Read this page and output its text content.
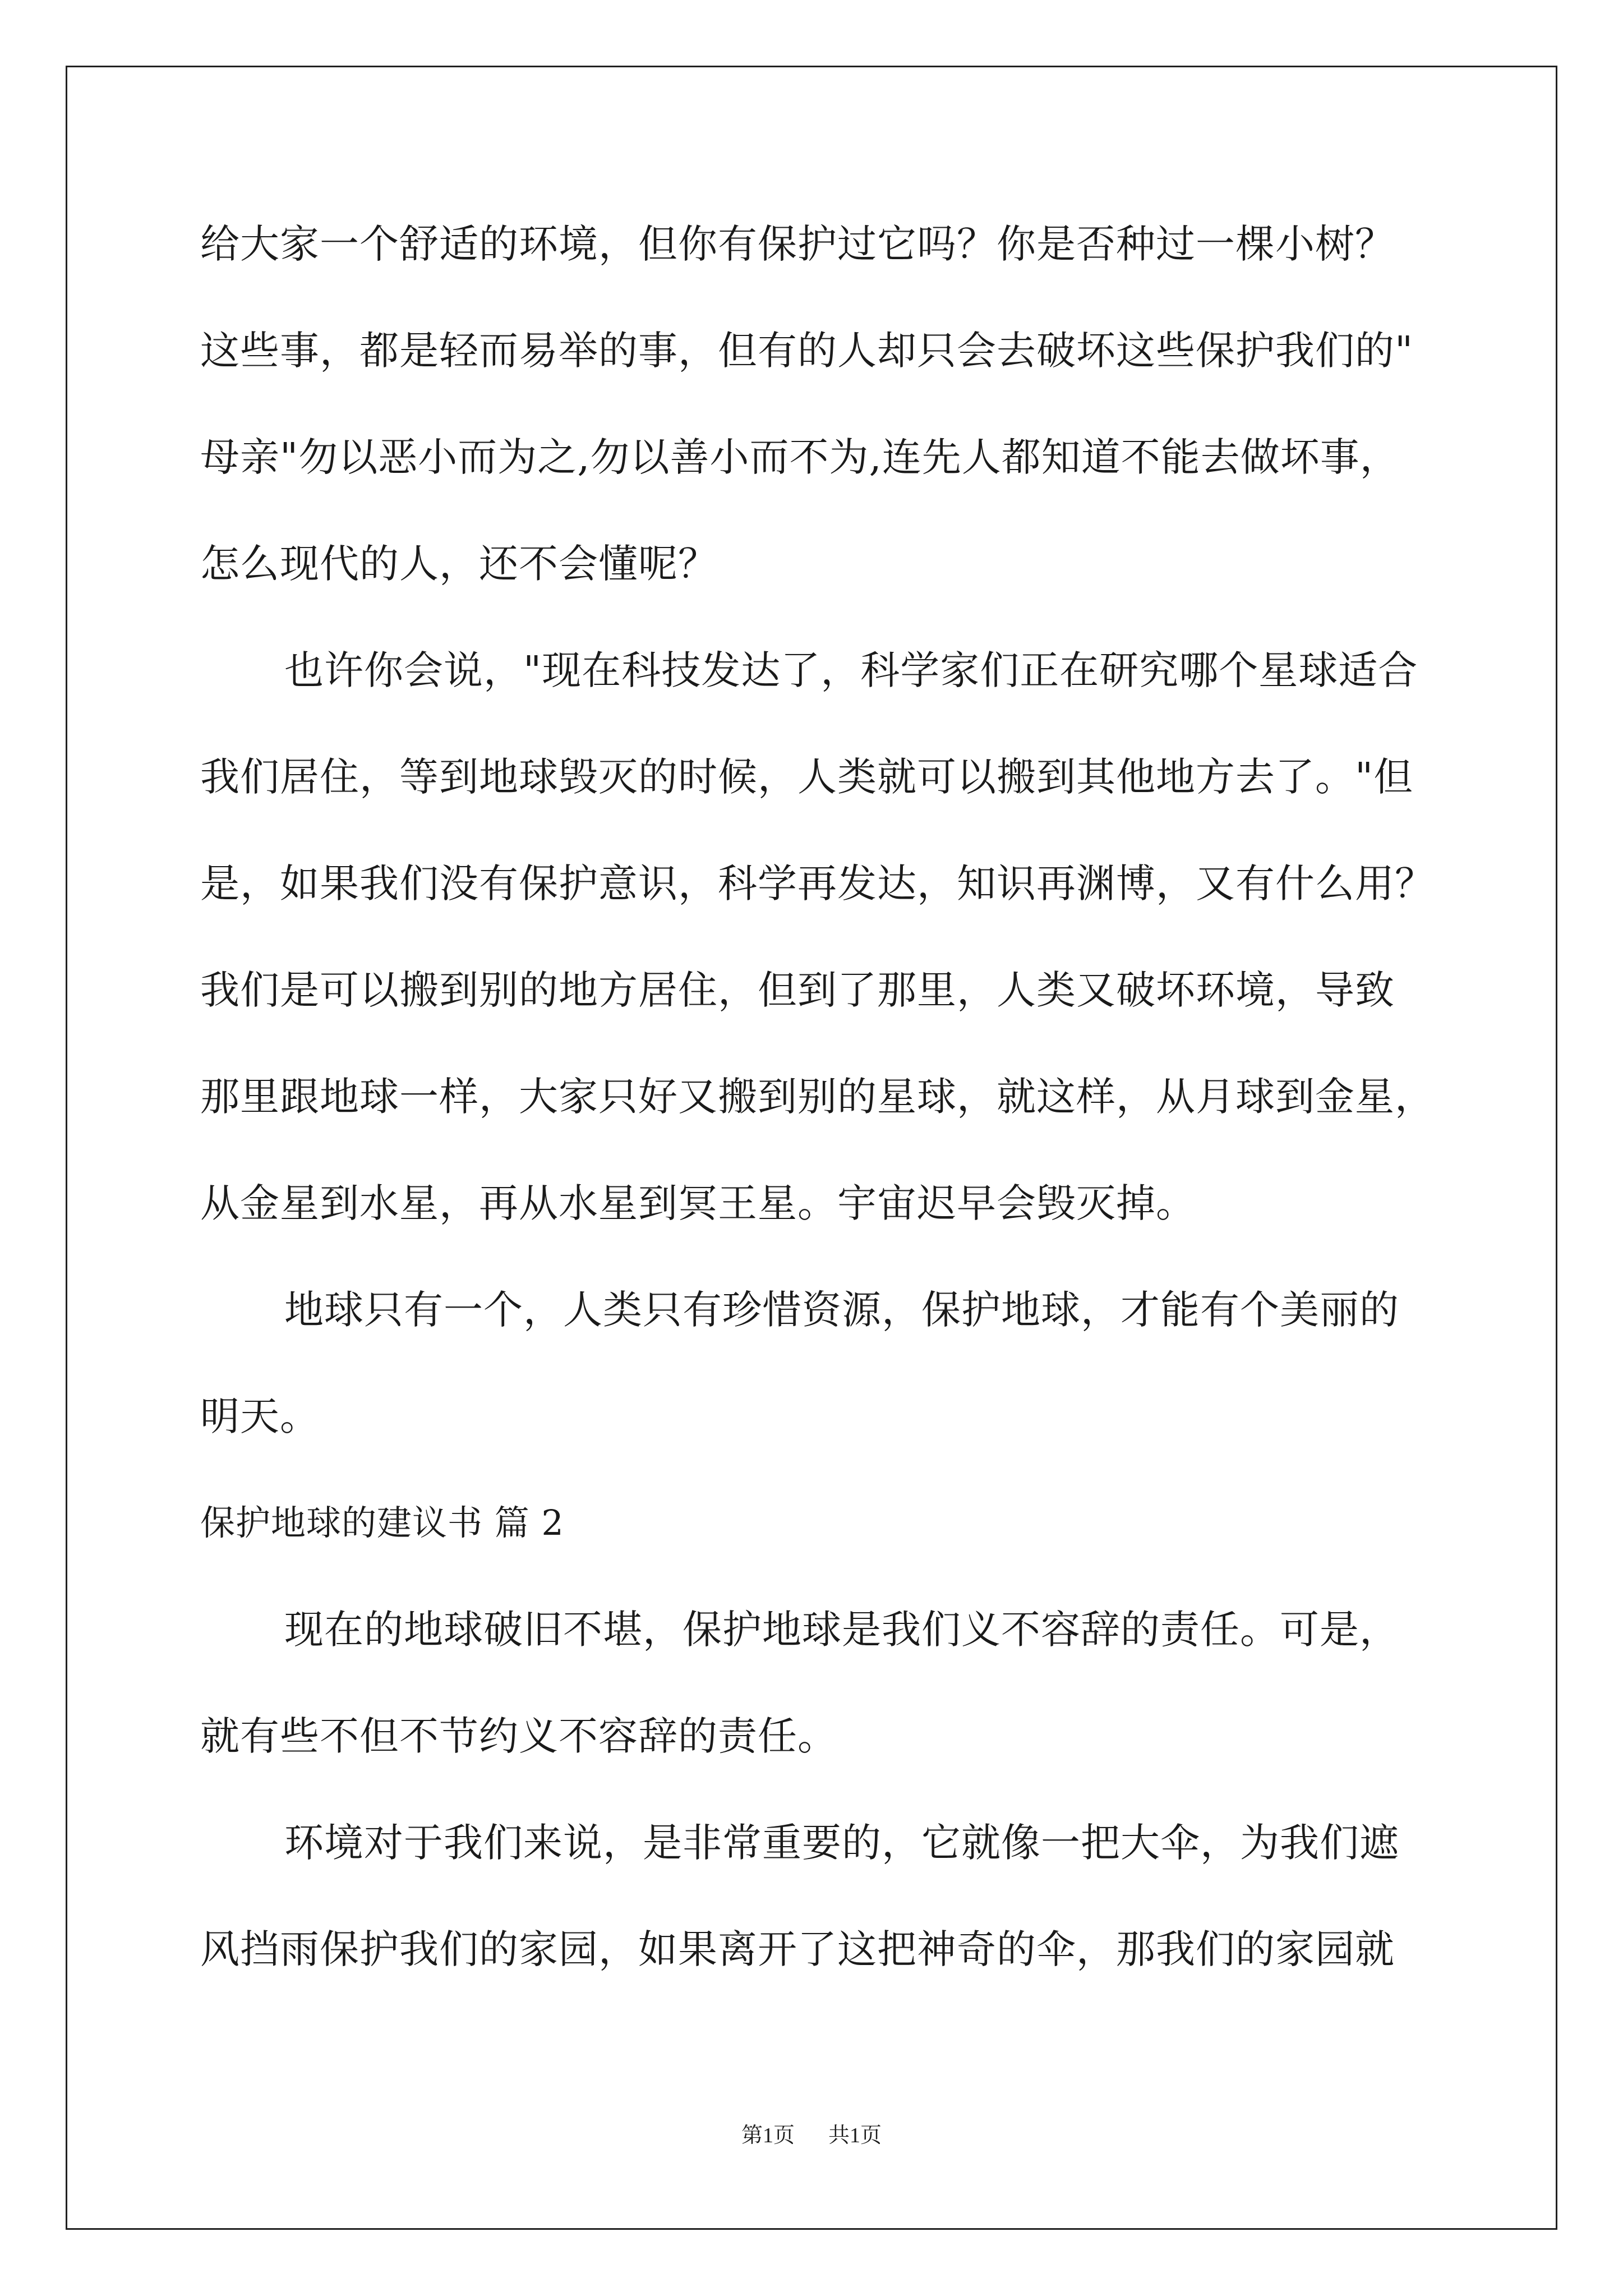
给大家一个舒适的环境，但你有保护过它吗？你是否种过一棵小树？
这些事，都是轻而易举的事，但有的人却只会去破坏这些保护我们的"
母亲"勿以恶小而为之,勿以善小而不为,连先人都知道不能去做坏事，
怎么现代的人，还不会懂呢？
也许你会说，"现在科技发达了，科学家们正在研究哪个星球适合
我们居住，等到地球毁灭的时候，人类就可以搬到其他地方去了。"但
是，如果我们没有保护意识，科学再发达，知识再渊博，又有什么用？
我们是可以搬到别的地方居住，但到了那里，人类又破坏环境，导致
那里跟地球一样，大家只好又搬到别的星球，就这样，从月球到金星，
从金星到水星，再从水星到冥王星。宇宙迟早会毁灭掉。
地球只有一个，人类只有珍惜资源，保护地球，才能有个美丽的
明天。
保护地球的建议书 篇 2
现在的地球破旧不堪，保护地球是我们义不容辞的责任。可是，
就有些不但不节约义不容辞的责任。
环境对于我们来说，是非常重要的，它就像一把大伞，为我们遮
风挡雨保护我们的家园，如果离开了这把神奇的伞，那我们的家园就
第1页 共1页
